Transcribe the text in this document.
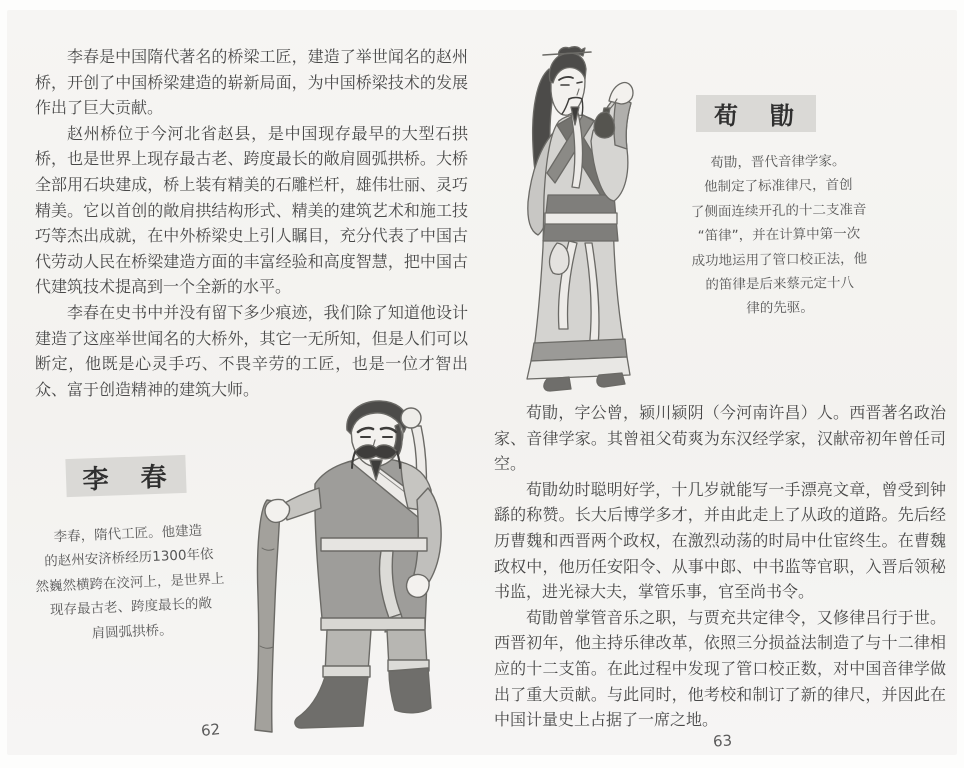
李春是中国隋代著名的桥梁工匠，建造了举世闻名的赵州桥，开创了中国桥梁建造的崭新局面，为中国桥梁技术的发展作出了巨大贡献。

赵州桥位于今河北省赵县，是中国现存最早的大型石拱桥，也是世界上现存最古老、跨度最长的敞肩圆弧拱桥。大桥全部用石块建成，桥上装有精美的石雕栏杆，雄伟壮丽、灵巧精美。它以首创的敞肩拱结构形式、精美的建筑艺术和施工技巧等杰出成就，在中外桥梁史上引人瞩目，充分代表了中国古代劳动人民在桥梁建造方面的丰富经验和高度智慧，把中国古代建筑技术提高到一个全新的水平。

李春在史书中并没有留下多少痕迹，我们除了知道他设计建造了这座举世闻名的大桥外，其它一无所知，但是人们可以断定，他既是心灵手巧、不畏辛劳的工匠，也是一位才智出众、富于创造精神的建筑大师。

李　春
李春，隋代工匠。他建造
的赵州安济桥经历1300年依
然巍然横跨在洨河上，是世界上
现存最古老、跨度最长的敞
肩圆弧拱桥。
62
荀　勖
荀勖，晋代音律学家。
他制定了标准律尺，首创
了侧面连续开孔的十二支准音
“笛律”，并在计算中第一次
成功地运用了管口校正法，他
的笛律是后来蔡元定十八
律的先驱。

荀勖，字公曾，颍川颍阴（今河南许昌）人。西晋著名政治家、音律学家。其曾祖父荀爽为东汉经学家，汉献帝初年曾任司空。

荀勖幼时聪明好学，十几岁就能写一手漂亮文章，曾受到钟繇的称赞。长大后博学多才，并由此走上了从政的道路。先后经历曹魏和西晋两个政权，在激烈动荡的时局中仕宦终生。在曹魏政权中，他历任安阳令、从事中郎、中书监等官职，入晋后领秘书监，进光禄大夫，掌管乐事，官至尚书令。

荀勖曾掌管音乐之职，与贾充共定律令，又修律吕行于世。西晋初年，他主持乐律改革，依照三分损益法制造了与十二律相应的十二支笛。在此过程中发现了管口校正数，对中国音律学做出了重大贡献。与此同时，他考校和制订了新的律尺，并因此在中国计量史上占据了一席之地。

63
